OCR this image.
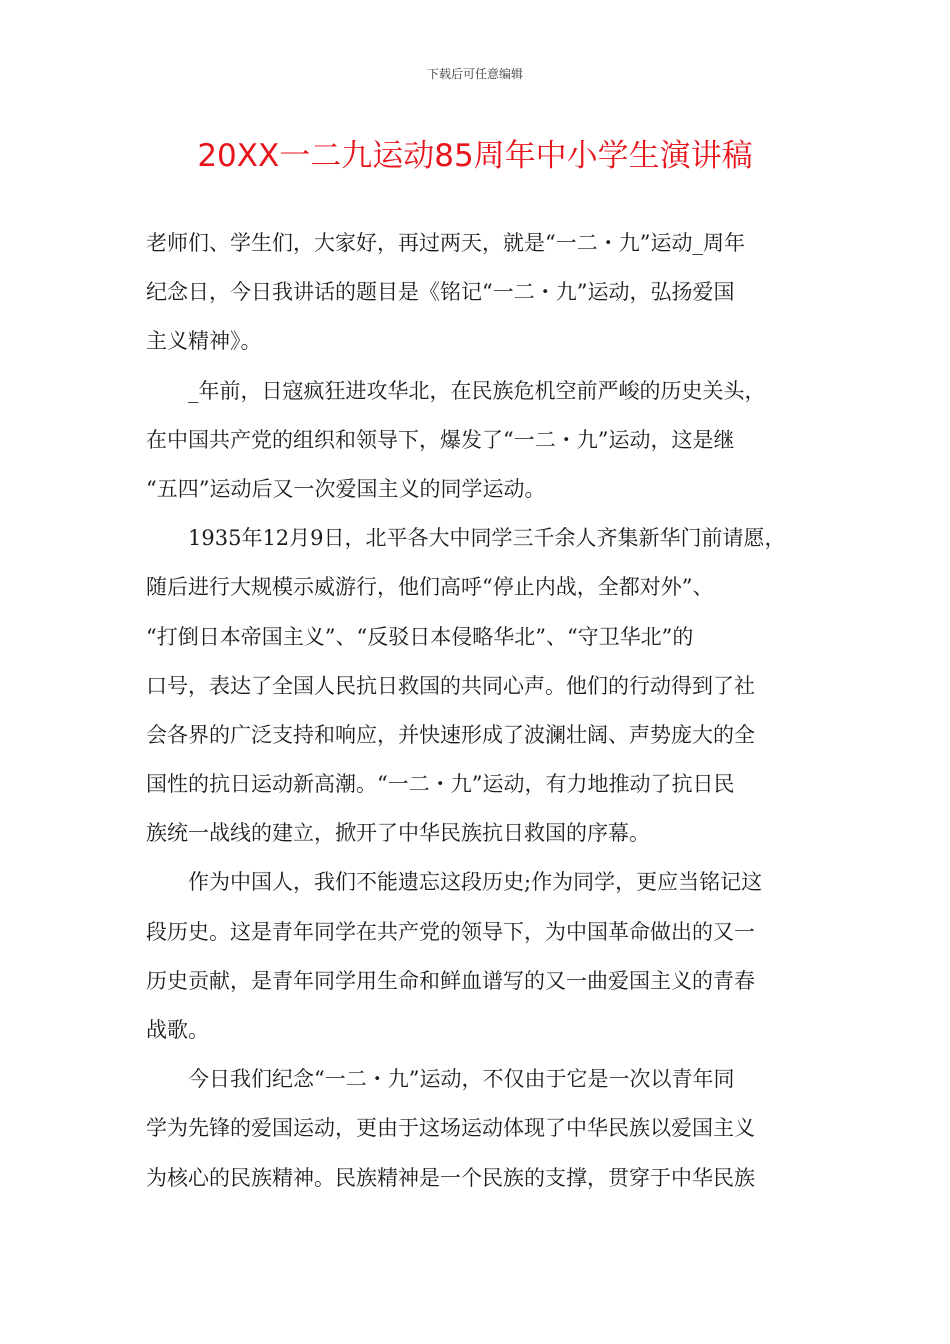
下载后可任意编辑
20XX一二九运动85周年中小学生演讲稿
老师们、学生们，大家好，再过两天，就是“一二・九”运动_周年
纪念日，今日我讲话的题目是《铭记“一二・九”运动，弘扬爱国
主义精神》。
_年前，日寇疯狂进攻华北，在民族危机空前严峻的历史关头，
在中国共产党的组织和领导下，爆发了“一二・九”运动，这是继
“五四”运动后又一次爱国主义的同学运动。
1935年12月9日，北平各大中同学三千余人齐集新华门前请愿，
随后进行大规模示威游行，他们高呼“停止内战，全都对外”、
“打倒日本帝国主义”、“反驳日本侵略华北”、“守卫华北”的
口号，表达了全国人民抗日救国的共同心声。他们的行动得到了社
会各界的广泛支持和响应，并快速形成了波澜壮阔、声势庞大的全
国性的抗日运动新高潮。“一二・九”运动，有力地推动了抗日民
族统一战线的建立，掀开了中华民族抗日救国的序幕。
作为中国人，我们不能遗忘这段历史;作为同学，更应当铭记这
段历史。这是青年同学在共产党的领导下，为中国革命做出的又一
历史贡献，是青年同学用生命和鲜血谱写的又一曲爱国主义的青春
战歌。
今日我们纪念“一二・九”运动，不仅由于它是一次以青年同
学为先锋的爱国运动，更由于这场运动体现了中华民族以爱国主义
为核心的民族精神。民族精神是一个民族的支撑，贯穿于中华民族
